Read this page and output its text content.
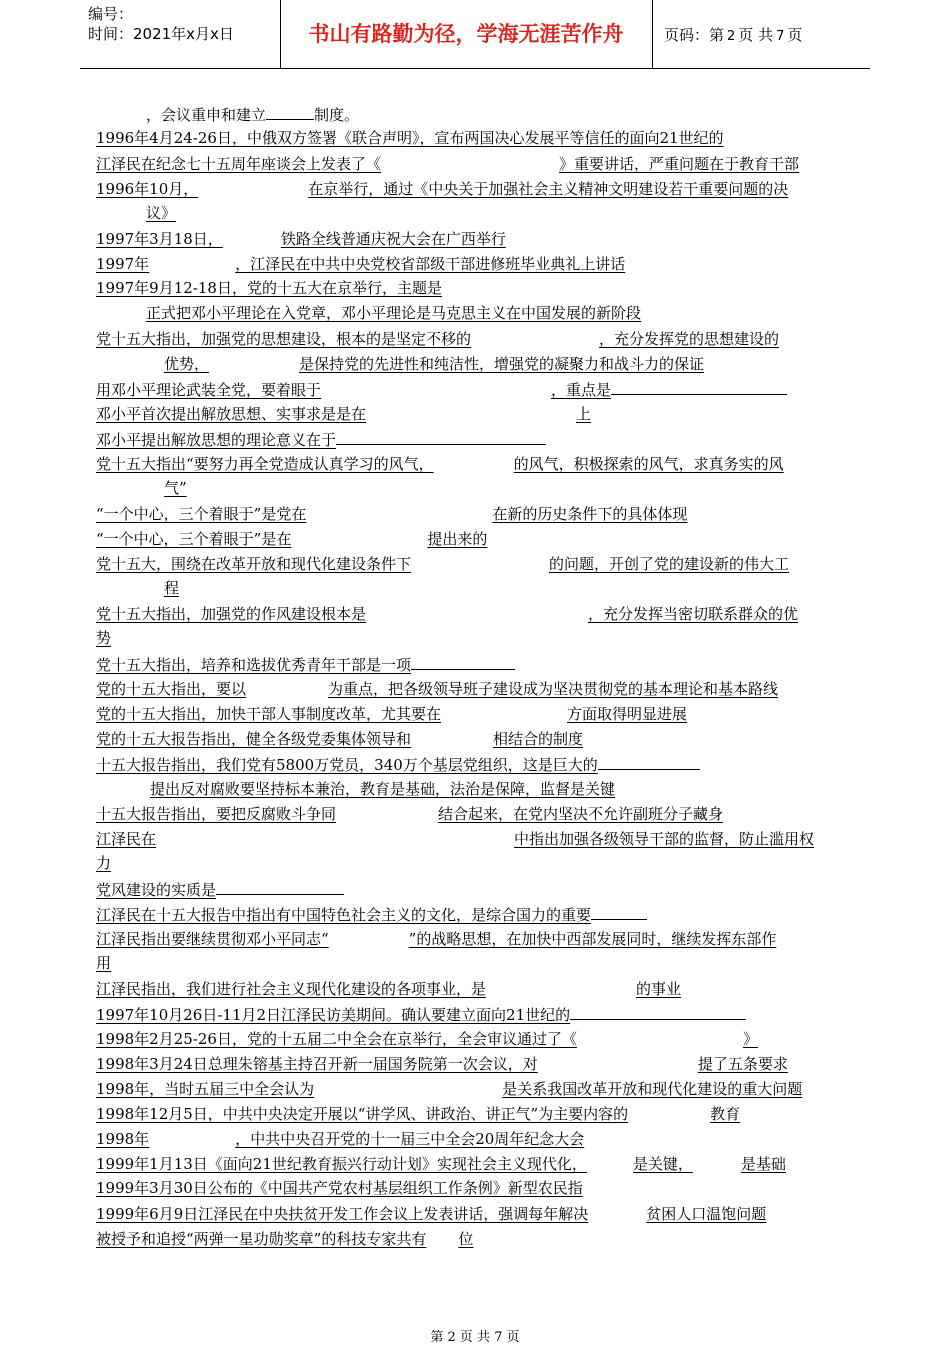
编号：
时间：2021年x月x日	书山有路勤为径，学海无涯苦作舟	页码：第 2 页 共 7 页
，会议重申和建立	制度。
1996年4月24-26日，中俄双方签署《联合声明》，宣布两国决心发展平等信任的面向21世纪的
江泽民在纪念七十五周年座谈会上发表了《	》重要讲话，严重问题在于教育干部
1996年10月，	在京举行，通过《中央关于加强社会主义精神文明建设若干重要问题的决
议》
1997年3月18日，	铁路全线普通庆祝大会在广西举行
1997年	，江泽民在中共中央党校省部级干部进修班毕业典礼上讲话
1997年9月12-18日，党的十五大在京举行，主题是
正式把邓小平理论在入党章，邓小平理论是马克思主义在中国发展的新阶段
党十五大指出，加强党的思想建设，根本的是坚定不移的	，充分发挥党的思想建设的
优势，	是保持党的先进性和纯洁性，增强党的凝聚力和战斗力的保证
用邓小平理论武装全党，要着眼于	，重点是
邓小平首次提出解放思想、实事求是是在	上
邓小平提出解放思想的理论意义在于
党十五大指出“要努力再全党造成认真学习的风气，	的风气，积极探索的风气，求真务实的风
气”
“一个中心，三个着眼于”是党在	在新的历史条件下的具体体现
“一个中心，三个着眼于”是在	提出来的
党十五大，围绕在改革开放和现代化建设条件下	的问题，开创了党的建设新的伟大工
程
党十五大指出，加强党的作风建设根本是	，充分发挥当密切联系群众的优
势
党十五大指出，培养和选拔优秀青年干部是一项
党的十五大指出，要以	为重点，把各级领导班子建设成为坚决贯彻党的基本理论和基本路线
党的十五大指出，加快干部人事制度改革，尤其要在	方面取得明显进展
党的十五大报告指出，健全各级党委集体领导和	相结合的制度
十五大报告指出，我们党有5800万党员，340万个基层党组织，这是巨大的
提出反对腐败要坚持标本兼治，教育是基础，法治是保障，监督是关键
十五大报告指出，要把反腐败斗争同	结合起来，在党内坚决不允许副班分子藏身
江泽民在	中指出加强各级领导干部的监督，防止滥用权
力
党风建设的实质是
江泽民在十五大报告中指出有中国特色社会主义的文化，是综合国力的重要
江泽民指出要继续贯彻邓小平同志“	”的战略思想，在加快中西部发展同时，继续发挥东部作
用
江泽民指出，我们进行社会主义现代化建设的各项事业，是	的事业
1997年10月26日-11月2日江泽民访美期间。确认要建立面向21世纪的
1998年2月25-26日，党的十五届二中全会在京举行，全会审议通过了《	》
1998年3月24日总理朱镕基主持召开新一届国务院第一次会议，对	提了五条要求
1998年，当时五届三中全会认为	是关系我国改革开放和现代化建设的重大问题
1998年12月5日，中共中央决定开展以“讲学风、讲政治、讲正气”为主要内容的	教育
1998年	，中共中央召开党的十一届三中全会20周年纪念大会
1999年1月13日《面向21世纪教育振兴行动计划》实现社会主义现代化，	是关键，	是基础
1999年3月30日公布的《中国共产党农村基层组织工作条例》新型农民指
1999年6月9日江泽民在中央扶贫开发工作会议上发表讲话，强调每年解决	贫困人口温饱问题
被授予和追授“两弹一星功勋奖章”的科技专家共有 位
第 2 页 共 7 页
